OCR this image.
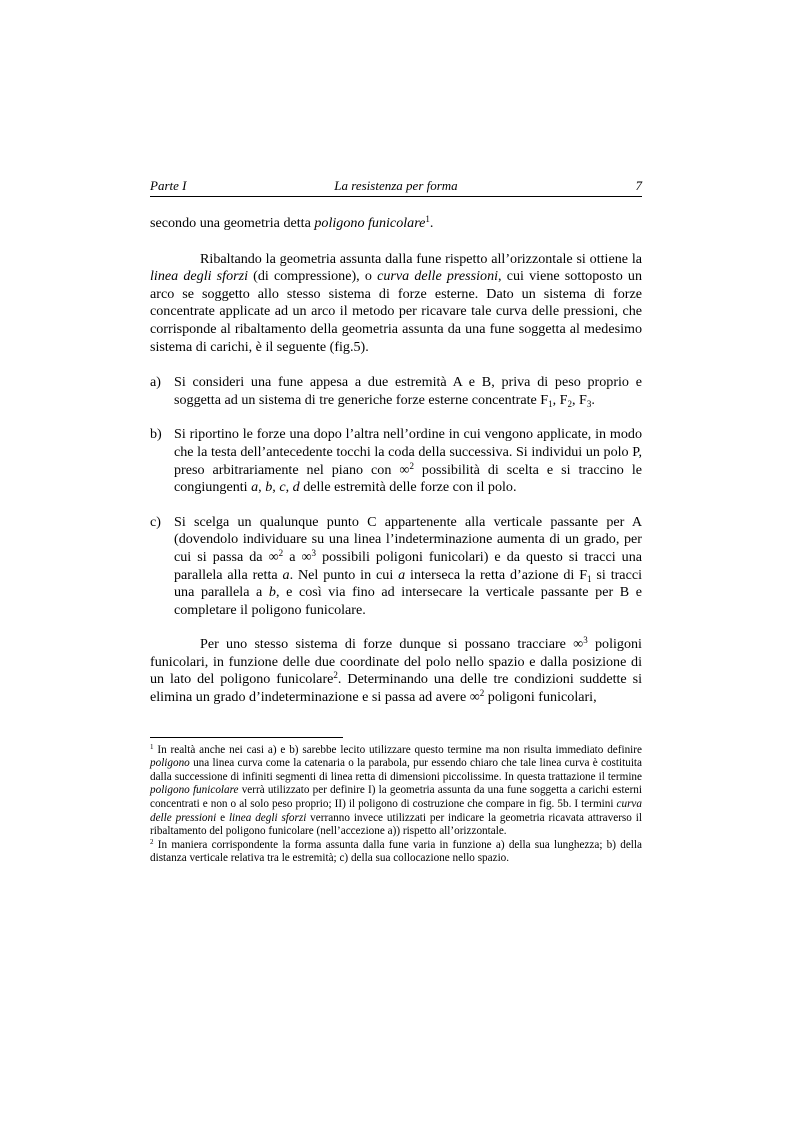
Parte I	La resistenza per forma	7

secondo una geometria detta poligono funicolare$^1$.

Ribaltando la geometria assunta dalla fune rispetto all’orizzontale si ottiene la linea degli sforzi (di compressione), o curva delle pressioni, cui viene sottoposto un arco se soggetto allo stesso sistema di forze esterne. Dato un sistema di forze concentrate applicate ad un arco il metodo per ricavare tale curva delle pressioni, che corrisponde al ribaltamento della geometria assunta da una fune soggetta al medesimo sistema di carichi, è il seguente (fig.5).

a) Si consideri una fune appesa a due estremità A e B, priva di peso proprio e soggetta ad un sistema di tre generiche forze esterne concentrate $F_1$, $F_2$, $F_3$.
b) Si riportino le forze una dopo l’altra nell’ordine in cui vengono applicate, in modo che la testa dell’antecedente tocchi la coda della successiva. Si individui un polo P, preso arbitrariamente nel piano con ∞$^2$ possibilità di scelta e si traccino le congiungenti a, b, c, d delle estremità delle forze con il polo.
c) Si scelga un qualunque punto C appartenente alla verticale passante per A (dovendolo individuare su una linea l’indeterminazione aumenta di un grado, per cui si passa da ∞$^2$ a ∞$^3$ possibili poligoni funicolari) e da questo si tracci una parallela alla retta a. Nel punto in cui a interseca la retta d’azione di $F_1$ si tracci una parallela a b, e così via fino ad intersecare la verticale passante per B e completare il poligono funicolare.

Per uno stesso sistema di forze dunque si possano tracciare ∞$^3$ poligoni funicolari, in funzione delle due coordinate del polo nello spazio e dalla posizione di un lato del poligono funicolare$^2$. Determinando una delle tre condizioni suddette si elimina un grado d’indeterminazione e si passa ad avere ∞$^2$ poligoni funicolari,

$^1$ In realtà anche nei casi a) e b) sarebbe lecito utilizzare questo termine ma non risulta immediato definire poligono una linea curva come la catenaria o la parabola, pur essendo chiaro che tale linea curva è costituita dalla successione di infiniti segmenti di linea retta di dimensioni piccolissime. In questa trattazione il termine poligono funicolare verrà utilizzato per definire I) la geometria assunta da una fune soggetta a carichi esterni concentrati e non o al solo peso proprio; II) il poligono di costruzione che compare in fig. 5b. I termini curva delle pressioni e linea degli sforzi verranno invece utilizzati per indicare la geometria ricavata attraverso il ribaltamento del poligono funicolare (nell’accezione a)) rispetto all’orizzontale.

$^2$ In maniera corrispondente la forma assunta dalla fune varia in funzione a) della sua lunghezza; b) della distanza verticale relativa tra le estremità; c) della sua collocazione nello spazio.
